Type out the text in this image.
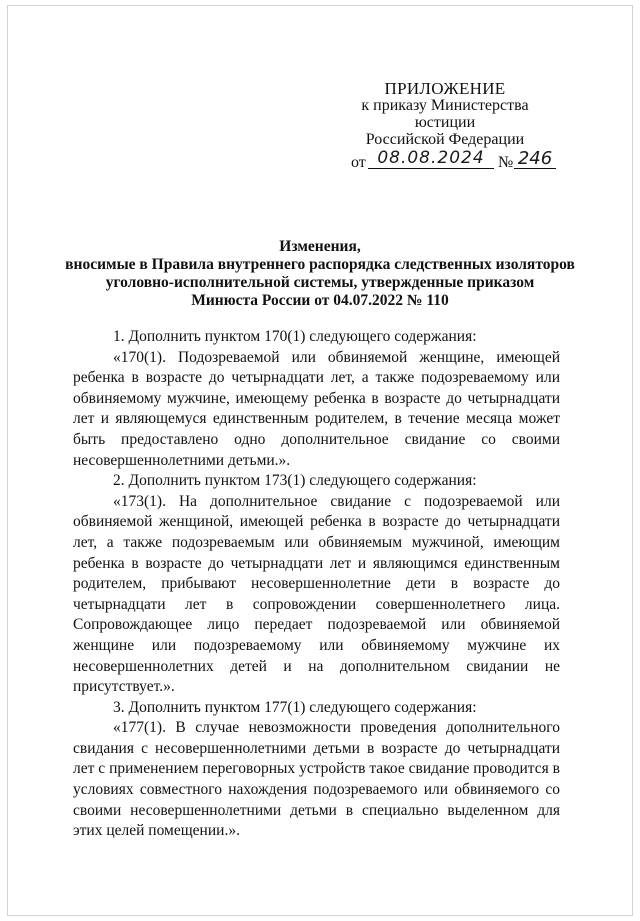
ПРИЛОЖЕНИЕ
к приказу Министерства юстиции
Российской Федерации
от 08.08.2024 № 246
Изменения,
вносимые в Правила внутреннего распорядка следственных изоляторов
уголовно-исполнительной системы, утвержденные приказом
Минюста России от 04.07.2022 № 110

1. Дополнить пунктом 170(1) следующего содержания:

«170(1). Подозреваемой или обвиняемой женщине, имеющей ребенка в возрасте до четырнадцати лет, а также подозреваемому или обвиняемому мужчине, имеющему ребенка в возрасте до четырнадцати лет и являющемуся единственным родителем, в течение месяца может быть предоставлено одно дополнительное свидание со своими несовершеннолетними детьми.».

2. Дополнить пунктом 173(1) следующего содержания:

«173(1). На дополнительное свидание с подозреваемой или обвиняемой женщиной, имеющей ребенка в возрасте до четырнадцати лет, а также подозреваемым или обвиняемым мужчиной, имеющим ребенка в возрасте до четырнадцати лет и являющимся единственным родителем, прибывают несовершеннолетние дети в возрасте до четырнадцати лет в сопровождении совершеннолетнего лица. Сопровождающее лицо передает подозреваемой или обвиняемой женщине или подозреваемому или обвиняемому мужчине их несовершеннолетних детей и на дополнительном свидании не присутствует.».

3. Дополнить пунктом 177(1) следующего содержания:

«177(1). В случае невозможности проведения дополнительного свидания с несовершеннолетними детьми в возрасте до четырнадцати лет с применением переговорных устройств такое свидание проводится в условиях совместного нахождения подозреваемого или обвиняемого со своими несовершеннолетними детьми в специально выделенном для этих целей помещении.».
